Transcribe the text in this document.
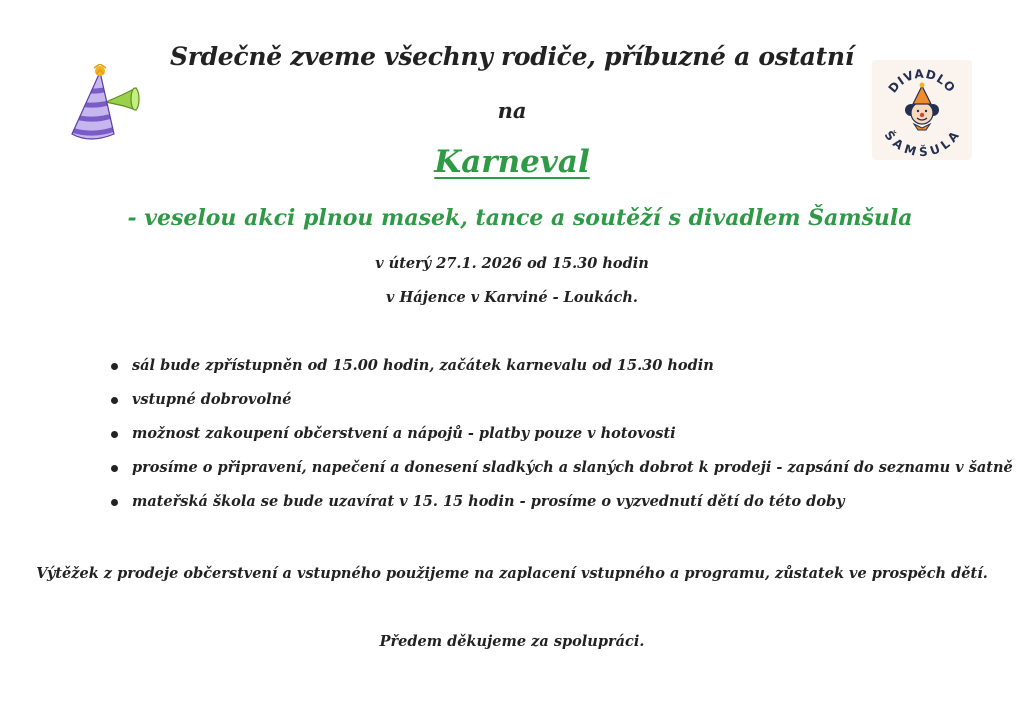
DIVADLO
ŠAMŠULA
Srdečně zveme všechny rodiče, příbuzné a ostatní
na
Karneval
- veselou akci plnou masek, tance a soutěží s divadlem Šamšula
v úterý 27.1. 2026 od 15.30 hodin
v Hájence v Karviné - Loukách.
sál bude zpřístupněn od 15.00 hodin, začátek karnevalu od 15.30 hodin
vstupné dobrovolné
možnost zakoupení občerstvení a nápojů - platby pouze v hotovosti
prosíme o připravení, napečení a donesení sladkých a slaných dobrot k prodeji - zapsání do seznamu v šatně
mateřská škola se bude uzavírat v 15. 15 hodin - prosíme o vyzvednutí dětí do této doby
Výtěžek z prodeje občerstvení a vstupného použijeme na zaplacení vstupného a programu, zůstatek ve prospěch dětí.
Předem děkujeme za spolupráci.
